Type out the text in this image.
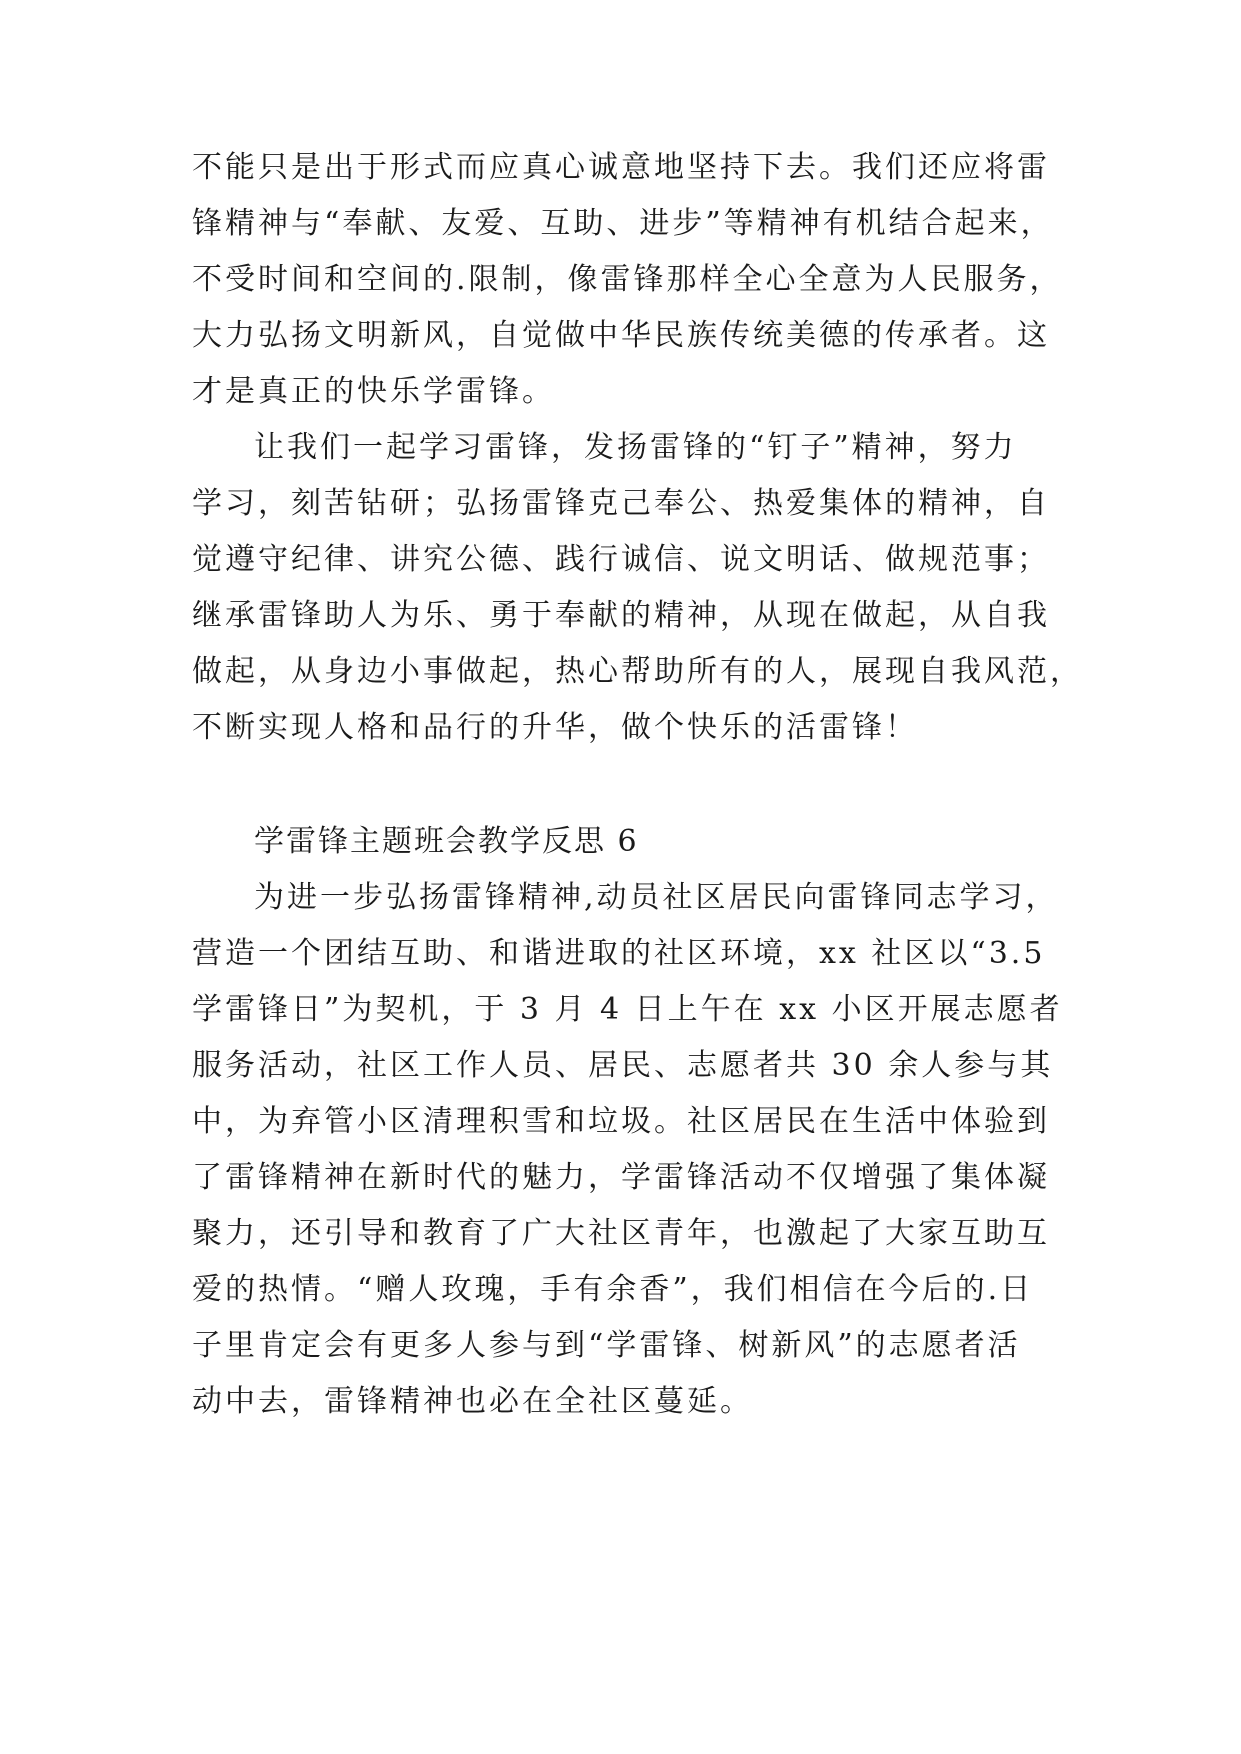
不能只是出于形式而应真心诚意地坚持下去。我们还应将雷
锋精神与“奉献、友爱、互助、进步”等精神有机结合起来，
不受时间和空间的.限制，像雷锋那样全心全意为人民服务，
大力弘扬文明新风，自觉做中华民族传统美德的传承者。这
才是真正的快乐学雷锋。
让我们一起学习雷锋，发扬雷锋的“钉子”精神，努力
学习，刻苦钻研；弘扬雷锋克己奉公、热爱集体的精神，自
觉遵守纪律、讲究公德、践行诚信、说文明话、做规范事；
继承雷锋助人为乐、勇于奉献的精神，从现在做起，从自我
做起，从身边小事做起，热心帮助所有的人，展现自我风范，
不断实现人格和品行的升华，做个快乐的活雷锋！
学雷锋主题班会教学反思 6
为进一步弘扬雷锋精神,动员社区居民向雷锋同志学习，
营造一个团结互助、和谐进取的社区环境，xx 社区以“3.5
学雷锋日”为契机，于 3 月 4 日上午在 xx 小区开展志愿者
服务活动，社区工作人员、居民、志愿者共 30 余人参与其
中，为弃管小区清理积雪和垃圾。社区居民在生活中体验到
了雷锋精神在新时代的魅力，学雷锋活动不仅增强了集体凝
聚力，还引导和教育了广大社区青年，也激起了大家互助互
爱的热情。“赠人玫瑰，手有余香”，我们相信在今后的.日
子里肯定会有更多人参与到“学雷锋、树新风”的志愿者活
动中去，雷锋精神也必在全社区蔓延。
